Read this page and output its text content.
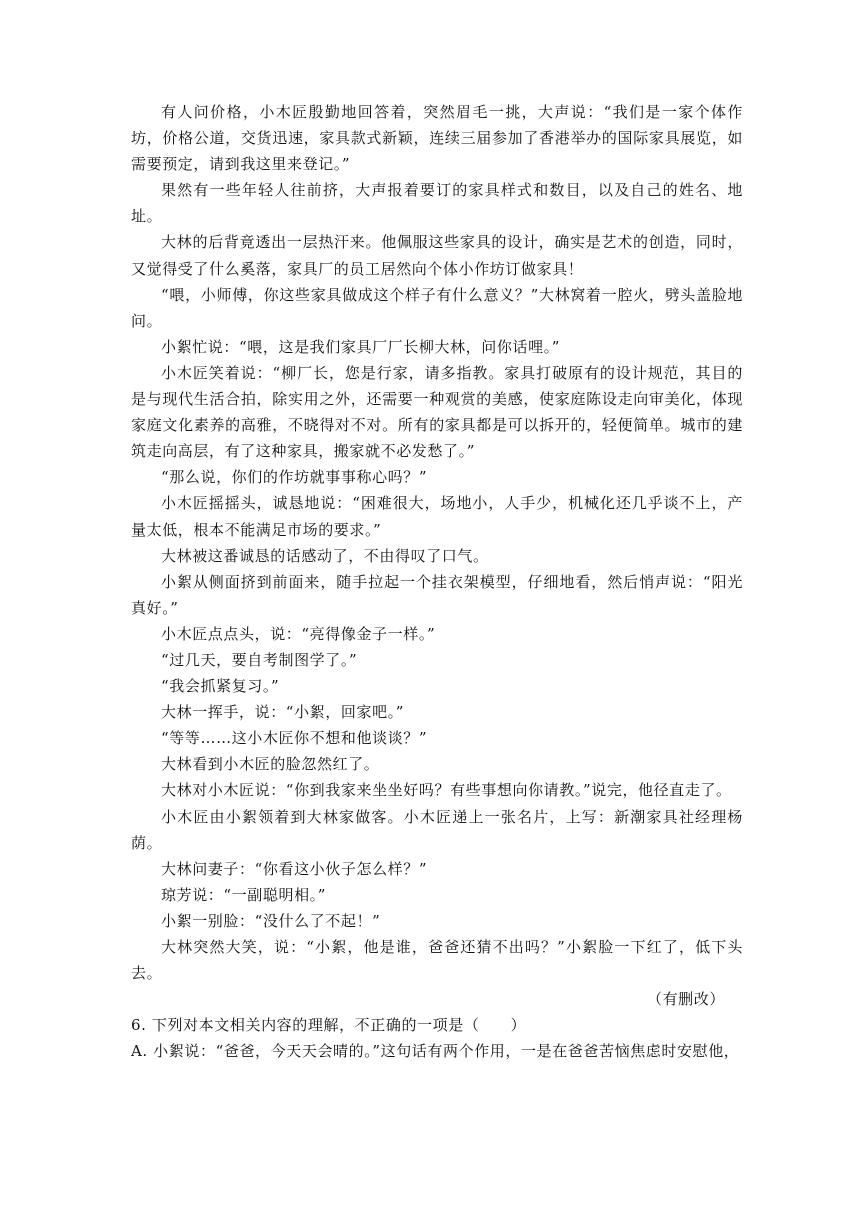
有人问价格，小木匠殷勤地回答着，突然眉毛一挑，大声说：“我们是一家个体作坊，价格公道，交货迅速，家具款式新颖，连续三届参加了香港举办的国际家具展览，如需要预定，请到我这里来登记。”

果然有一些年轻人往前挤，大声报着要订的家具样式和数目，以及自己的姓名、地址。

大林的后背竟透出一层热汗来。他佩服这些家具的设计，确实是艺术的创造，同时，又觉得受了什么奚落，家具厂的员工居然向个体小作坊订做家具！

“喂，小师傅，你这些家具做成这个样子有什么意义？”大林窝着一腔火，劈头盖脸地问。

小絮忙说：“喂，这是我们家具厂厂长柳大林，问你话哩。”

小木匠笑着说：“柳厂长，您是行家，请多指教。家具打破原有的设计规范，其目的是与现代生活合拍，除实用之外，还需要一种观赏的美感，使家庭陈设走向审美化，体现家庭文化素养的高雅，不晓得对不对。所有的家具都是可以拆开的，轻便简单。城市的建筑走向高层，有了这种家具，搬家就不必发愁了。”

“那么说，你们的作坊就事事称心吗？”

小木匠摇摇头，诚恳地说：“困难很大，场地小，人手少，机械化还几乎谈不上，产量太低，根本不能满足市场的要求。”

大林被这番诚恳的话感动了，不由得叹了口气。

小絮从侧面挤到前面来，随手拉起一个挂衣架模型，仔细地看，然后悄声说：“阳光真好。”

小木匠点点头，说：“亮得像金子一样。”

“过几天，要自考制图学了。”

“我会抓紧复习。”

大林一挥手，说：“小絮，回家吧。”

“等等……这小木匠你不想和他谈谈？”

大林看到小木匠的脸忽然红了。

大林对小木匠说：“你到我家来坐坐好吗？有些事想向你请教。”说完，他径直走了。

小木匠由小絮领着到大林家做客。小木匠递上一张名片，上写：新潮家具社经理杨荫。

大林问妻子：“你看这小伙子怎么样？”

琼芳说：“一副聪明相。”

小絮一别脸：“没什么了不起！”

大林突然大笑，说：“小絮，他是谁，爸爸还猜不出吗？”小絮脸一下红了，低下头去。

（有删改）

6. 下列对本文相关内容的理解，不正确的一项是（　　）

A. 小絮说：“爸爸，今天天会晴的。”这句话有两个作用，一是在爸爸苦恼焦虑时安慰他，
